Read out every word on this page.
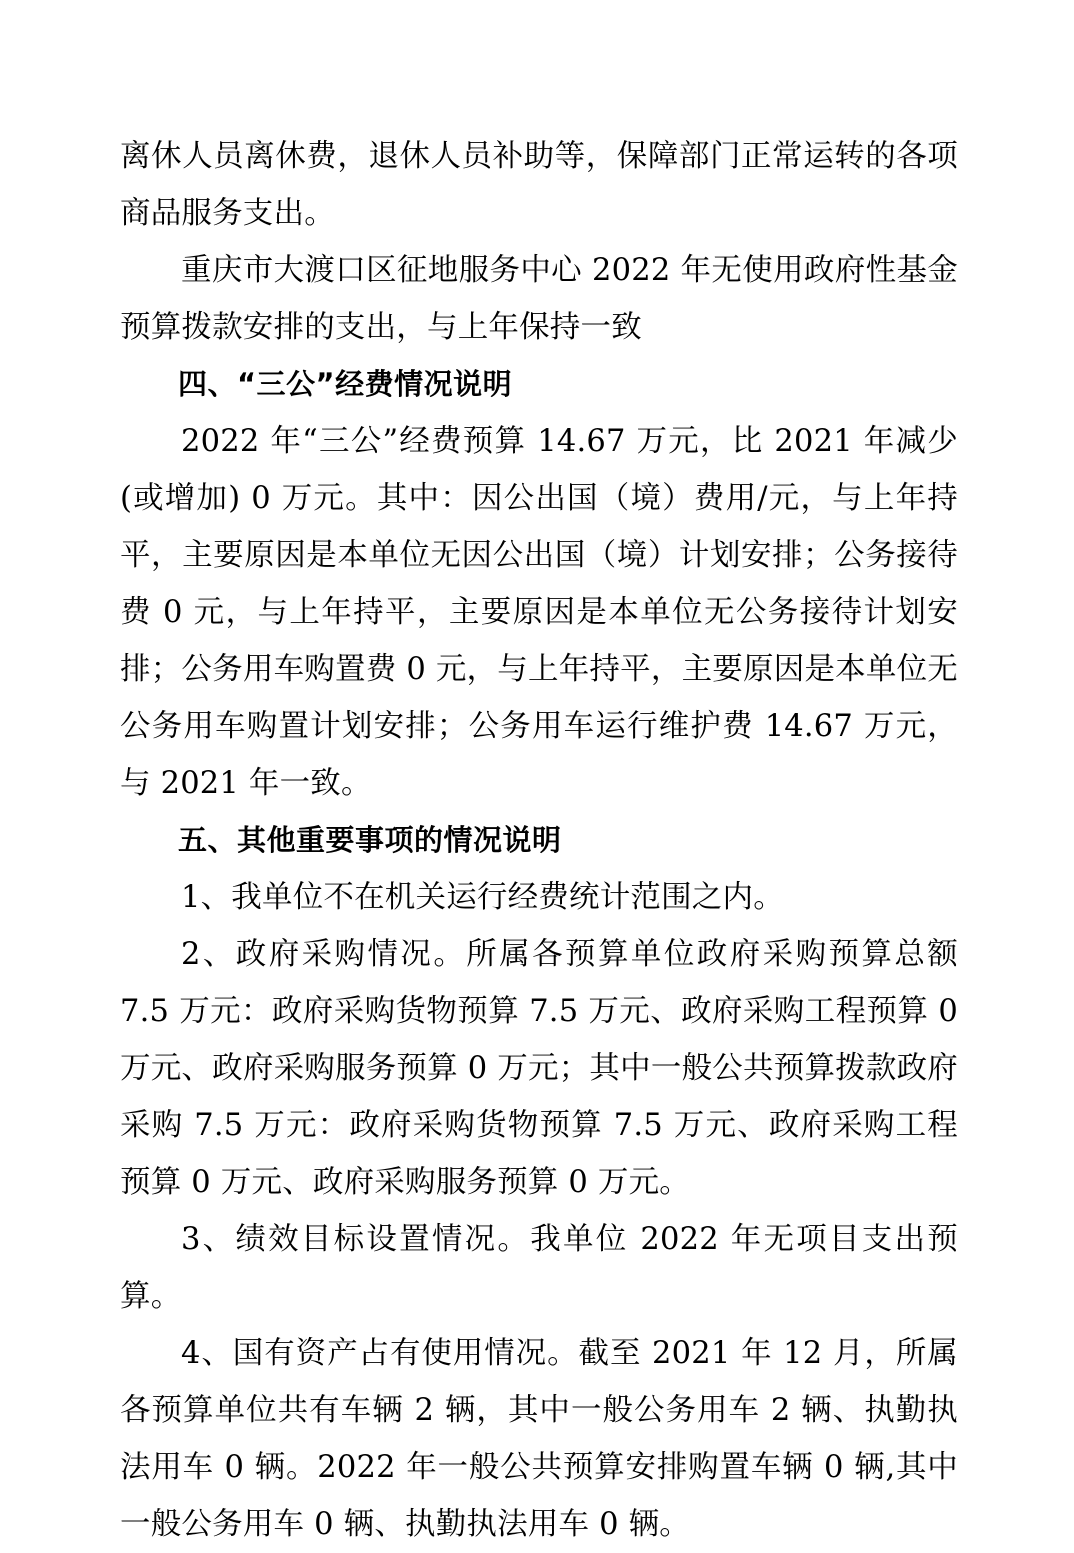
离休人员离休费，退休人员补助等，保障部门正常运转的各项商品服务支出。

重庆市大渡口区征地服务中心 2022 年无使用政府性基金预算拨款安排的支出，与上年保持一致

四、“三公”经费情况说明

2022 年“三公”经费预算 14.67 万元，比 2021 年减少(或增加) 0 万元。其中：因公出国（境）费用/元，与上年持平，主要原因是本单位无因公出国（境）计划安排；公务接待费 0 元，与上年持平，主要原因是本单位无公务接待计划安排；公务用车购置费 0 元，与上年持平，主要原因是本单位无公务用车购置计划安排；公务用车运行维护费 14.67 万元，与 2021 年一致。

五、其他重要事项的情况说明

1、我单位不在机关运行经费统计范围之内。

2、政府采购情况。所属各预算单位政府采购预算总额 7.5 万元：政府采购货物预算 7.5 万元、政府采购工程预算 0 万元、政府采购服务预算 0 万元；其中一般公共预算拨款政府采购 7.5 万元：政府采购货物预算 7.5 万元、政府采购工程预算 0 万元、政府采购服务预算 0 万元。

3、绩效目标设置情况。我单位 2022 年无项目支出预算。

4、国有资产占有使用情况。截至 2021 年 12 月，所属各预算单位共有车辆 2 辆，其中一般公务用车 2 辆、执勤执法用车 0 辆。2022 年一般公共预算安排购置车辆 0 辆,其中一般公务用车 0 辆、执勤执法用车 0 辆。
